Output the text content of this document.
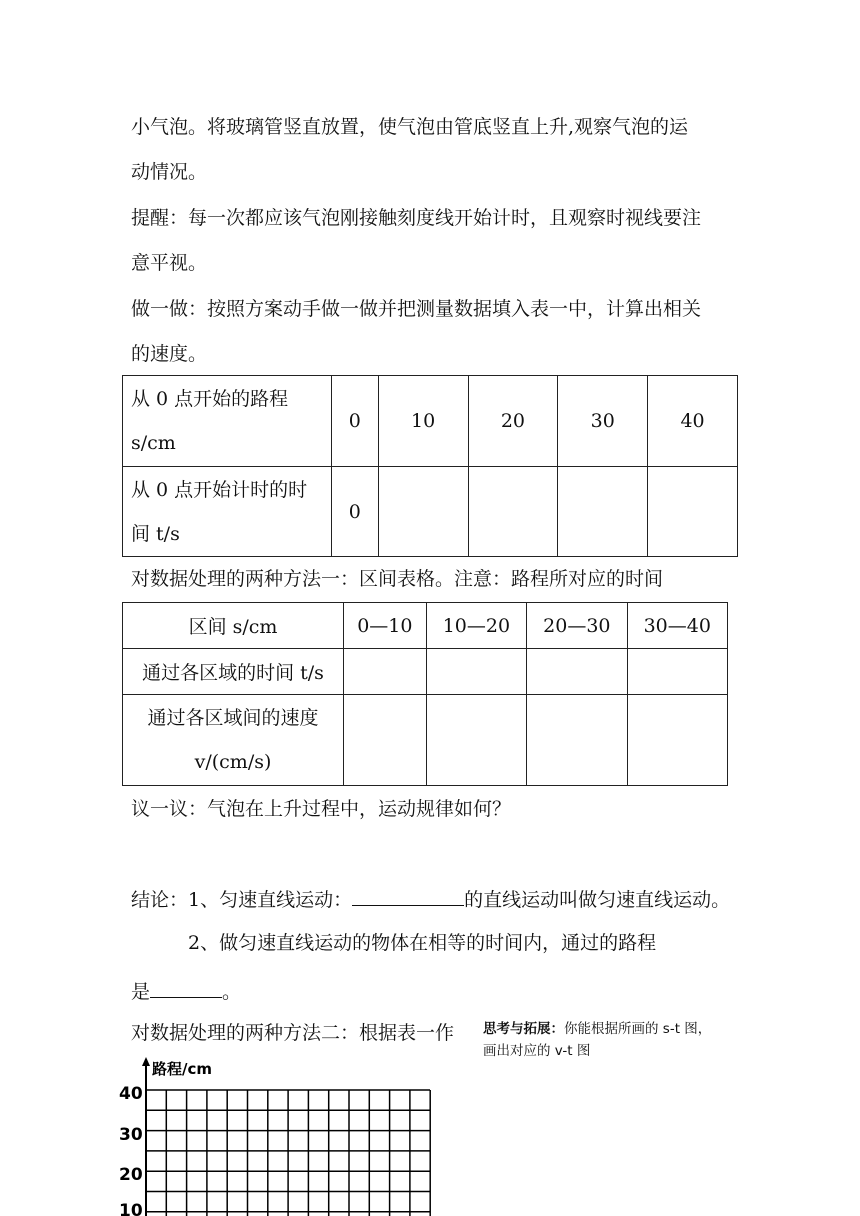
小气泡。将玻璃管竖直放置，使气泡由管底竖直上升,观察气泡的运
动情况。
提醒：每一次都应该气泡刚接触刻度线开始计时，且观察时视线要注
意平视。
做一做：按照方案动手做一做并把测量数据填入表一中，计算出相关
的速度。
从 0 点开始的路程
s/cm	0	10	20	30	40

从 0 点开始计时的时
间 t/s	0				
对数据处理的两种方法一：区间表格。注意：路程所对应的时间
区间 s/cm	0—10	10—20	20—30	30—40
通过各区域的时间 t/s				

通过各区域间的速度
v/(cm/s)				

议一议：气泡在上升过程中，运动规律如何？
结论：1、匀速直线运动：	的直线运动叫做匀速直线运动。
2、做匀速直线运动的物体在相等的时间内，通过的路程
是	。
对数据处理的两种方法二：根据表一作 思考与拓展：你能根据所画的 s-t 图，
画出对应的 v-t 图
路程/cm
40
30
20
10
